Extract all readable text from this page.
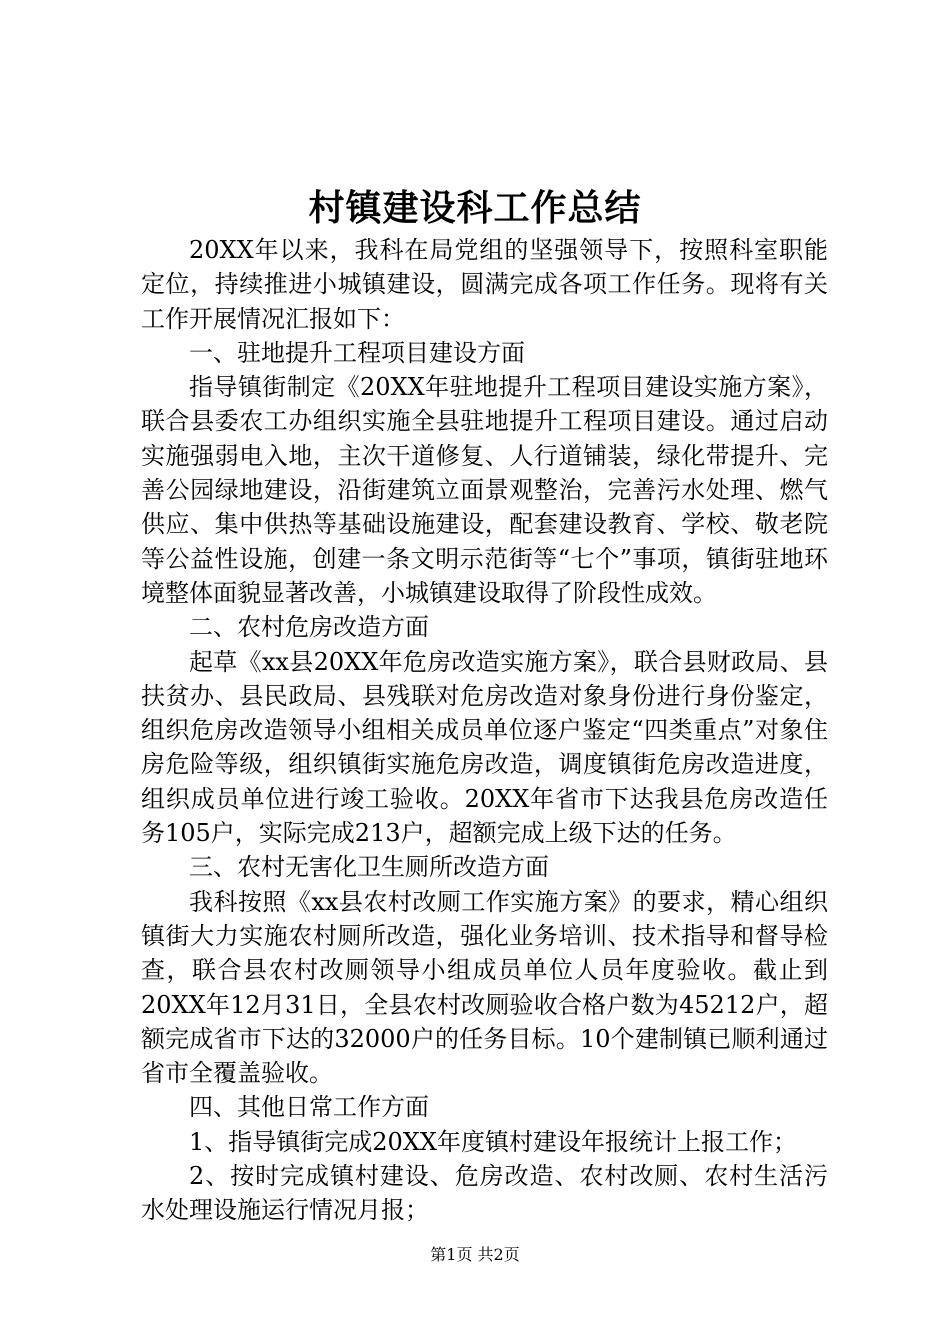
村镇建设科工作总结

20XX年以来，我科在局党组的坚强领导下，按照科室职能定位，持续推进小城镇建设，圆满完成各项工作任务。现将有关工作开展情况汇报如下：

一、驻地提升工程项目建设方面

指导镇街制定《20XX年驻地提升工程项目建设实施方案》，联合县委农工办组织实施全县驻地提升工程项目建设。通过启动实施强弱电入地，主次干道修复、人行道铺装，绿化带提升、完善公园绿地建设，沿街建筑立面景观整治，完善污水处理、燃气供应、集中供热等基础设施建设，配套建设教育、学校、敬老院等公益性设施，创建一条文明示范街等“七个”事项，镇街驻地环境整体面貌显著改善，小城镇建设取得了阶段性成效。

二、农村危房改造方面

起草《xx县20XX年危房改造实施方案》，联合县财政局、县扶贫办、县民政局、县残联对危房改造对象身份进行身份鉴定，组织危房改造领导小组相关成员单位逐户鉴定“四类重点”对象住房危险等级，组织镇街实施危房改造，调度镇街危房改造进度，组织成员单位进行竣工验收。20XX年省市下达我县危房改造任务105户，实际完成213户，超额完成上级下达的任务。

三、农村无害化卫生厕所改造方面

我科按照《xx县农村改厕工作实施方案》的要求，精心组织镇街大力实施农村厕所改造，强化业务培训、技术指导和督导检查，联合县农村改厕领导小组成员单位人员年度验收。截止到20XX年12月31日，全县农村改厕验收合格户数为45212户，超额完成省市下达的32000户的任务目标。10个建制镇已顺利通过省市全覆盖验收。

四、其他日常工作方面

1、指导镇街完成20XX年度镇村建设年报统计上报工作；

2、按时完成镇村建设、危房改造、农村改厕、农村生活污水处理设施运行情况月报；

第1页 共2页
